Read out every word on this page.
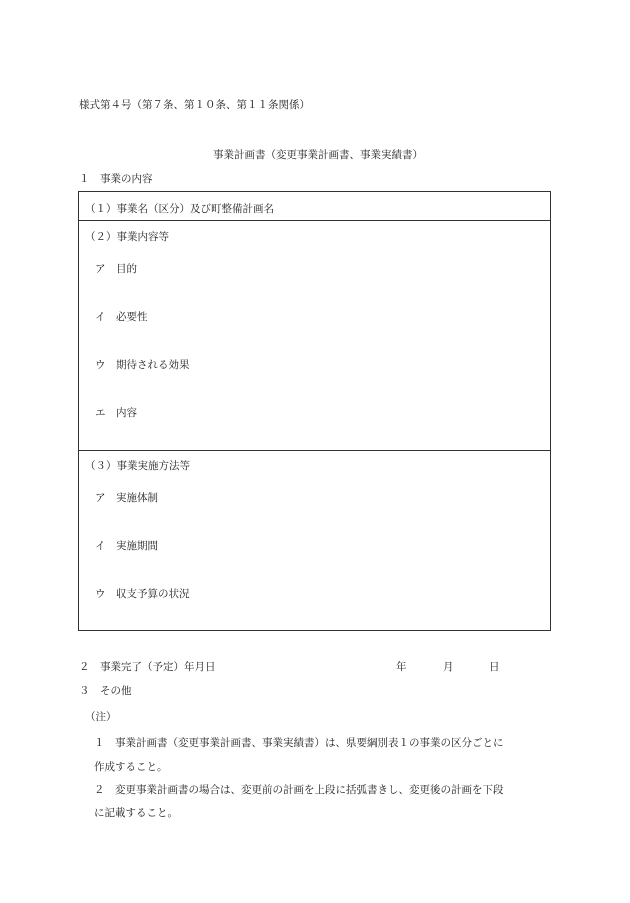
様式第４号（第７条、第１０条、第１１条関係）
事業計画書（変更事業計画書、事業実績書）
１　事業の内容
（１）事業名（区分）及び町整備計画名
（２）事業内容等
ア　目的
イ　必要性
ウ　期待される効果
エ　内容
（３）事業実施方法等
ア　実施体制
イ　実施期間
ウ　収支予算の状況
２　事業完了（予定）年月日	年	月	日
３　その他
（注）
１　事業計画書（変更事業計画書、事業実績書）は、県要綱別表１の事業の区分ごとに
作成すること。
２　変更事業計画書の場合は、変更前の計画を上段に括弧書きし、変更後の計画を下段
に記載すること。
